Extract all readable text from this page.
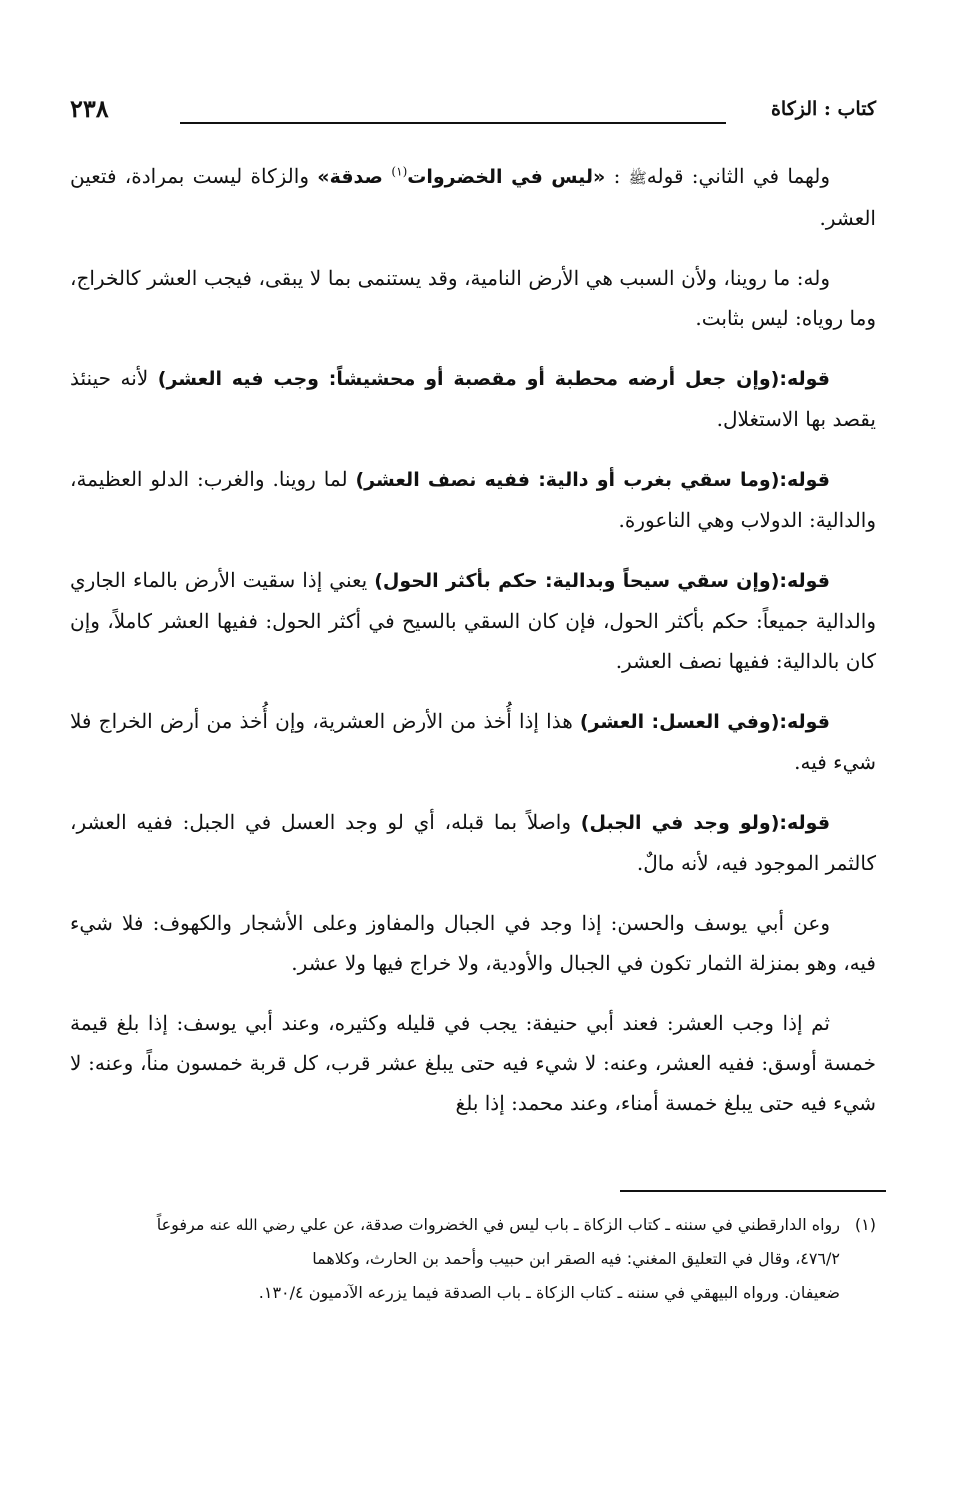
كتاب : الزكاة
٢٣٨

ولهما في الثاني: قولهﷺ : «ليس في الخضروات$^{(١)}$ صدقة» والزكاة ليست بمرادة، فتعين العشر.

وله: ما روينا، ولأن السبب هي الأرض النامية، وقد يستنمى بما لا يبقى، فيجب العشر كالخراج، وما روياه: ليس بثابت.

قوله:(وإن جعل أرضه محطبة أو مقصبة أو محشيشاً: وجب فيه العشر) لأنه حينئذ يقصد بها الاستغلال.

قوله:(وما سقي بغرب أو دالية: ففيه نصف العشر) لما روينا. والغرب: الدلو العظيمة، والدالية: الدولاب وهي الناعورة.

قوله:(وإن سقي سيحاً وبدالية: حكم بأكثر الحول) يعني إذا سقيت الأرض بالماء الجاري والدالية جميعاً: حكم بأكثر الحول، فإن كان السقي بالسيح في أكثر الحول: ففيها العشر كاملاً، وإن كان بالدالية: ففيها نصف العشر.

قوله:(وفي العسل: العشر) هذا إذا أُخذ من الأرض العشرية، وإن أُخذ من أرض الخراج فلا شيء فيه.

قوله:(ولو وجد في الجبل) واصلاً بما قبله، أي لو وجد العسل في الجبل: ففيه العشر، كالثمر الموجود فيه، لأنه مالٌ.

وعن أبي يوسف والحسن: إذا وجد في الجبال والمفاوز وعلى الأشجار والكهوف: فلا شيء فيه، وهو بمنزلة الثمار تكون في الجبال والأودية، ولا خراج فيها ولا عشر.

ثم إذا وجب العشر: فعند أبي حنيفة: يجب في قليله وكثيره، وعند أبي يوسف: إذا بلغ قيمة خمسة أوسق: ففيه العشر، وعنه: لا شيء فيه حتى يبلغ عشر قرب، كل قربة خمسون مناً، وعنه: لا شيء فيه حتى يبلغ خمسة أمناء، وعند محمد: إذا بلغ

(١)رواه الدارقطني في سننه ـ كتاب الزكاة ـ باب ليس في الخضروات صدقة، عن علي رضي الله عنه مرفوعاً
٤٧٦/٢، وقال في التعليق المغني: فيه الصقر ابن حبيب وأحمد بن الحارث، وكلاهما
ضعيفان. ورواه البيهقي في سننه ـ كتاب الزكاة ـ باب الصدقة فيما يزرعه الآدميون ١٣٠/٤.
